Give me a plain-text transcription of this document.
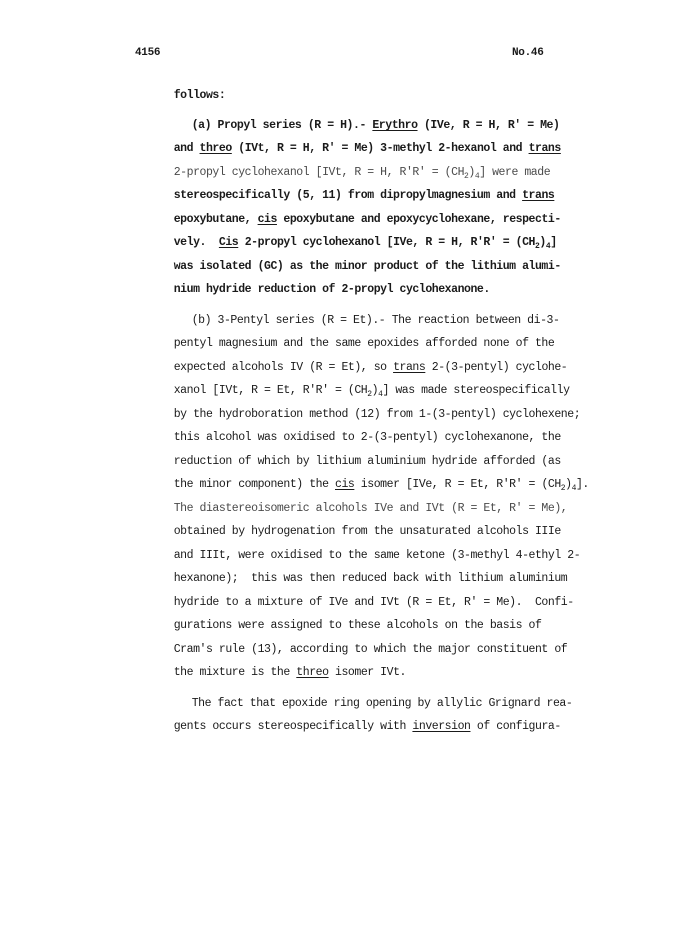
4156	No.46

follows:

(a) Propyl series (R = H).- Erythro (IVe, R = H, R' = Me)

and threo (IVt, R = H, R' = Me) 3-methyl 2-hexanol and trans

2-propyl cyclohexanol [IVt, R = H, $R'R' = (CH_2)_4$] were made

stereospecifically (5, 11) from dipropylmagnesium and trans

epoxybutane, cis epoxybutane and epoxycyclohexane, respecti-

vely.  Cis 2-propyl cyclohexanol [IVe, R = H, $R'R' = (CH_2)_4$]

was isolated (GC) as the minor product of the lithium alumi-

nium hydride reduction of 2-propyl cyclohexanone.

(b) 3-Pentyl series (R = Et).- The reaction between di-3-

pentyl magnesium and the same epoxides afforded none of the

expected alcohols IV (R = Et), so trans 2-(3-pentyl) cyclohe-

xanol [IVt, R = Et, $R'R' = (CH_2)_4$] was made stereospecifically

by the hydroboration method (12) from 1-(3-pentyl) cyclohexene;

this alcohol was oxidised to 2-(3-pentyl) cyclohexanone, the

reduction of which by lithium aluminium hydride afforded (as

the minor component) the cis isomer [IVe, R = Et, $R'R' = (CH_2)_4$].

The diastereoisomeric alcohols IVe and IVt (R = Et, R' = Me),

obtained by hydrogenation from the unsaturated alcohols IIIe

and IIIt, were oxidised to the same ketone (3-methyl 4-ethyl 2-

hexanone);  this was then reduced back with lithium aluminium

hydride to a mixture of IVe and IVt (R = Et, R' = Me).  Confi-

gurations were assigned to these alcohols on the basis of

Cram's rule (13), according to which the major constituent of

the mixture is the threo isomer IVt.

The fact that epoxide ring opening by allylic Grignard rea-

gents occurs stereospecifically with inversion of configura-
